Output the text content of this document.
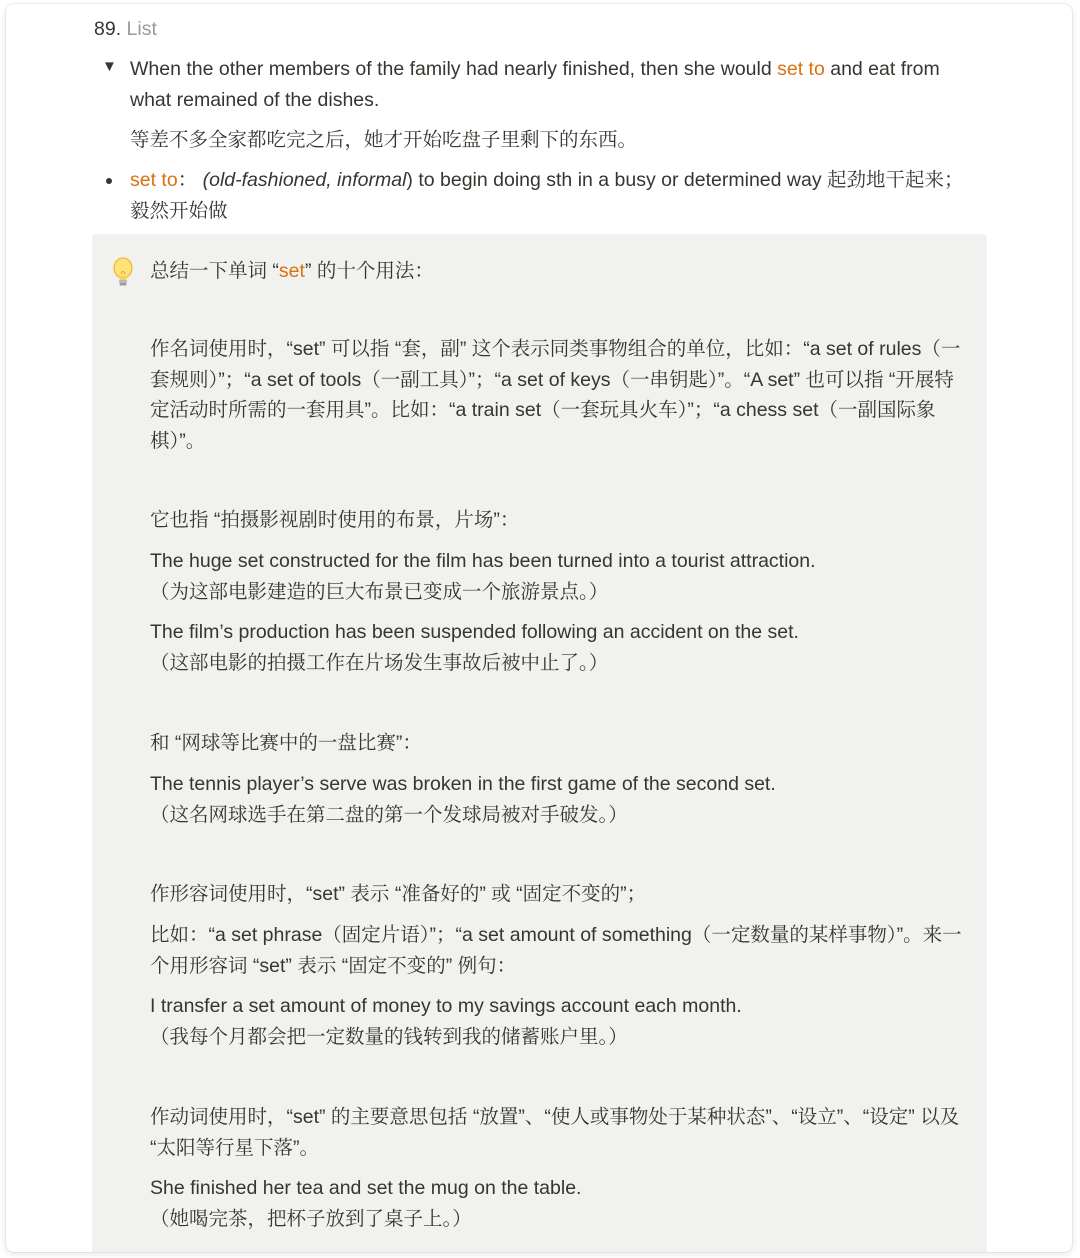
89. List
▼ When the other members of the family had nearly finished, then she would set to and eat from what remained of the dishes.
等差不多全家都吃完之后，她才开始吃盘子里剩下的东西。
set to： (old-fashioned, informal) to begin doing sth in a busy or determined way 起劲地干起来；毅然开始做
总结一下单词 “set” 的十个用法：
作名词使用时，“set” 可以指 “套，副” 这个表示同类事物组合的单位，比如：“a set of rules（一套规则）”；“a set of tools（一副工具）”；“a set of keys（一串钥匙）”。“A set” 也可以指 “开展特定活动时所需的一套用具”。比如：“a train set（一套玩具火车）”；“a chess set（一副国际象棋）”。
它也指 “拍摄影视剧时使用的布景，片场”：
The huge set constructed for the film has been turned into a tourist attraction.
（为这部电影建造的巨大布景已变成一个旅游景点。）
The film’s production has been suspended following an accident on the set.
（这部电影的拍摄工作在片场发生事故后被中止了。）
和 “网球等比赛中的一盘比赛”：
The tennis player’s serve was broken in the first game of the second set.
（这名网球选手在第二盘的第一个发球局被对手破发。）
作形容词使用时，“set” 表示 “准备好的” 或 “固定不变的”；
比如：“a set phrase（固定片语）”；“a set amount of something（一定数量的某样事物）”。来一个用形容词 “set” 表示 “固定不变的” 例句：
I transfer a set amount of money to my savings account each month.
（我每个月都会把一定数量的钱转到我的储蓄账户里。）
作动词使用时，“set” 的主要意思包括 “放置”、“使人或事物处于某种状态”、“设立”、“设定” 以及 “太阳等行星下落”。
She finished her tea and set the mug on the table.
（她喝完茶，把杯子放到了桌子上。）
